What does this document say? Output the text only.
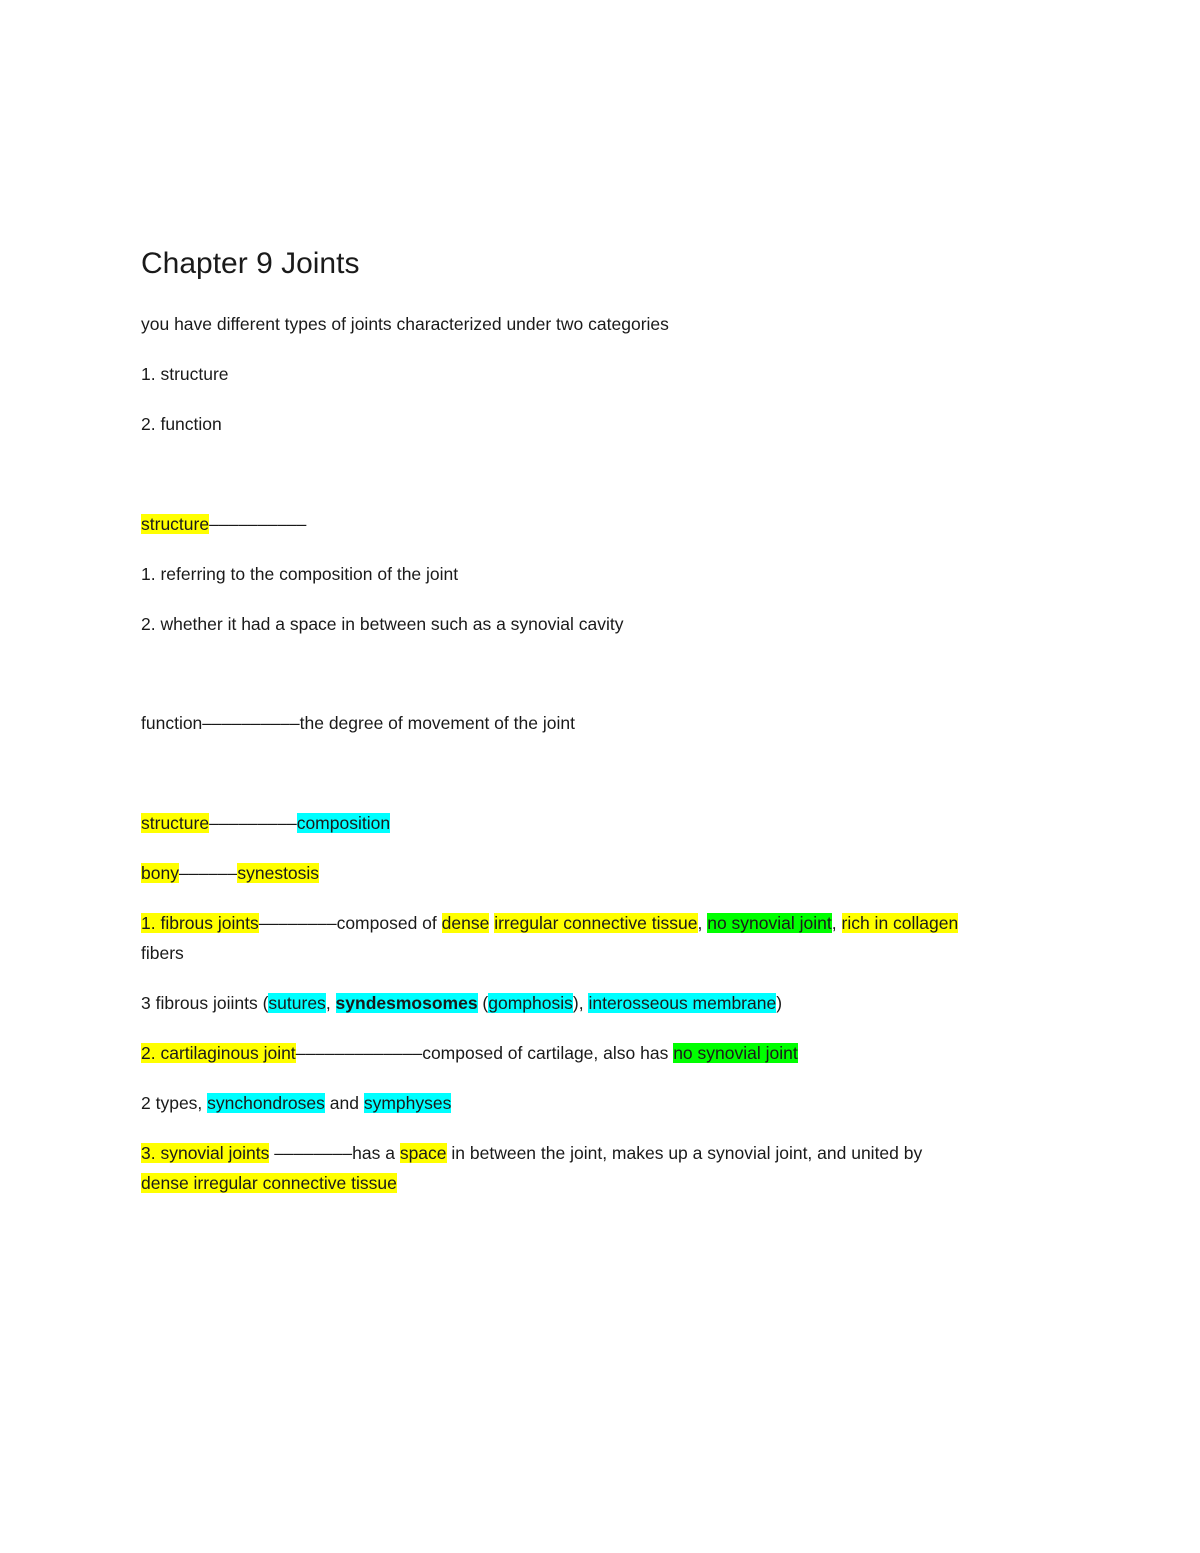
Chapter 9 Joints

you have different types of joints characterized under two categories

1. structure

2. function

structure––––––––––

1. referring to the composition of the joint

2. whether it had a space in between such as a synovial cavity

function––––––––––the degree of movement of the joint

structure–––––––––composition

bony––––––synestosis

1. fibrous joints––––––––composed of dense irregular connective tissue, no synovial joint, rich in collagen

fibers

3 fibrous joiints (sutures, syndesmosomes (gomphosis), interosseous membrane)

2. cartilaginous joint–––––––––––––composed of cartilage, also has no synovial joint

2 types, synchondroses and symphyses

3. synovial joints ––––––––has a space in between the joint, makes up a synovial joint, and united by

dense irregular connective tissue
